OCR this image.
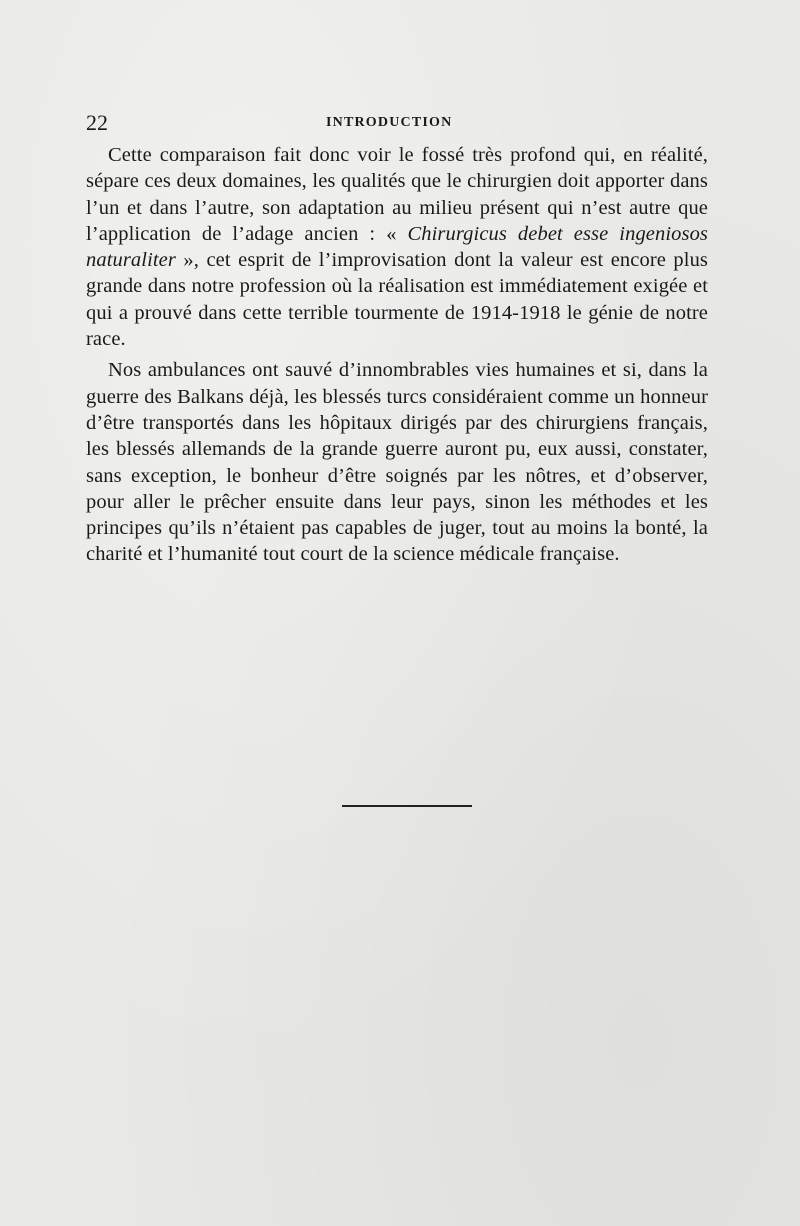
22	INTRODUCTION

Cette comparaison fait donc voir le fossé très profond qui, en réalité, sépare ces deux domaines, les qualités que le chirurgien doit apporter dans l’un et dans l’autre, son adaptation au milieu présent qui n’est autre que l’application de l’adage ancien : « Chirurgicus debet esse ingeniosos naturaliter », cet esprit de l’improvisation dont la valeur est encore plus grande dans notre profession où la réalisation est immédiatement exigée et qui a prouvé dans cette terrible tourmente de 1914-1918 le génie de notre race.

Nos ambulances ont sauvé d’innombrables vies humaines et si, dans la guerre des Balkans déjà, les blessés turcs considéraient comme un honneur d’être transportés dans les hôpitaux dirigés par des chirurgiens français, les blessés allemands de la grande guerre auront pu, eux aussi, constater, sans exception, le bonheur d’être soignés par les nôtres, et d’observer, pour aller le prêcher ensuite dans leur pays, sinon les méthodes et les principes qu’ils n’étaient pas capables de juger, tout au moins la bonté, la charité et l’humanité tout court de la science médicale française.
